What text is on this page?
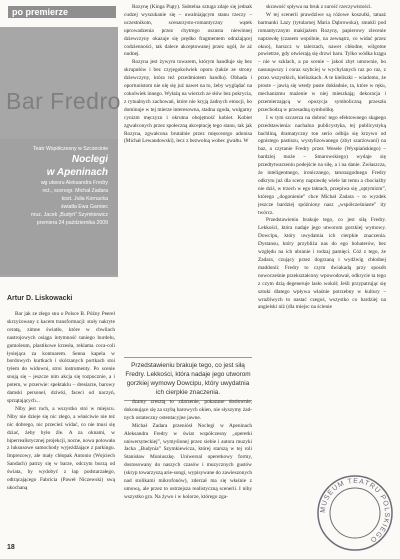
po premierze
Bar Fredro
Teatr Współczesny w Szczecinie
Noclegi
w Apeninach
wg utworu Aleksandra Fredry
reż., scenogr. Michał Zadara
kost. Julia Kornacka
światła Ewa Garniec
muz. Jacek „Budyń” Szymkiewicz
premiera 24 października 2009
Artur D. Liskowacki

Bar jak ze złego snu o Polsce B. Późny Peerel skrzyżowany z kacem transformacji: stoły nakryte ceratą, zimne światło, które w chwilach nastrojowych osiąga intymność taniego burdelu, gumoleum, plastikowe krzesła, reklama coca-coli łysiejąca za kontuarem. Senna kapela w bordowych kurtkach i skórzanych portkach stoi tyłem do widowni, stroi instrumenty. Po scenie snują się – jeszcze nim akcja się rozpocznie, a i potem, w przerwie: spektaklu – dresiarze, barowy damski personel, dziwki, faceci od naczyń, sprzątających...

Niby jest ruch, a wszystko stoi w miejscu. Niby nie dzieje się nic złego, a właściwie nie też nic dobrego, nic przecież widać, co nie musi się dziać, żeby było źle. A za oknami, w hiperrealistycznej projekcji, nocne, nowa polowała z luksusowe samochody wyjeżdżające z parkingu. Imprezowy, ale mały chłopak Antonio (Wojciech Sandach) patrzy się w barze, odczytu burzą od świata, by wydobyć z łap podstarzałego, odtrącającego Fabricia (Paweł Niczewski) swą ukochaną

Rozynę (Kinga Piąty). Subtelna sztuga zdaje się jednak cudzej wyszukanie się – uwalniającym stanu rzeczy – uczestnikom, scenarzysto-romantyczny wątek uprowadzenia przez chytrego oszusta niewinnej dziewczyny okazuje się prędko fragmentem odrażającej codzienności, tak dalece akceptowanej przez ogół, że aż nudnej.

Rozyna jest żywym towarem, którym handluje się bez skrupułów i bez czyjegokolwiek oporu (także ze strony dziewczyny, która też przedmiotem handlu). Obhada i oportunistom nie ulę się już nawet na to, żeby wyglądać na cokolwiek innego. Wyłażą na wierzch ze słów bez pokrycia, z rytualnych zachowań, które nie kryją żadnych emocji, bo dominuje w tej mierze interesowna, stadna zgoda, wulgarny cynizm męczyzn i okrutna obojętność kobiet. Kobiet zgwałconych przez społeczną akceptację tego stanu, tak jak Rozyna, zgwałcona brutalnie przez mięsceorgo adonisa (Michał Lewandowski), lecz z bezwolną wobec gwałtu. W

Przedstawieniu brakuje tego, co jest siłą Fredry. Lekkości, która nadaje jego utworom gorzkiej wymowy Dowcipu, który uwydatnia ich cierpkie znaczenia.

dzamy zresztą to zdarzenie, pokazane dosłownie, dokonujące się za szybą barowych okien, nie słyszymy żadnych ostateczny ostentacyjne jawne.

Michał Zadara przeniósł Noclegi w Apeninach Aleksandra Fredry w świat współczesny „operetki uniwersyteckiej”, wymyślonej przez siebie i autora muzyki Jacka „Budynia” Szymkiewicza, której starszą w tej roli Stanisław Moniuszkę. Uniwersal operetkowy formy, dostosowany do naszych czasów i muzycznych gustów (skryp towarzyszą arie-songi, wypisywane do zawieszonych nad stolikami mikrofonów), zderzał ma się właśnie z umową, ale przez to ostrzejsza realistyczną scenerii. I niby wszystko gra. Na żywo i w kolorze, którego zga-

skrawość spływa na bruk z surość rzeczywistości.

W tej scenerii prawdziwe są różowe koszulki, tatuaż barmanki Lazy (tytularnej Maria Dąbrowska), smukli pod romantycznym makijażem Rozyny, papierowy zlecenie naprawdę (czasem wspólnie, na zewnątrz, co widać przez okno), barszcz w talerzach, nawet chłodne, wilgotne powietrze, gdy otwierają się drzwi baru. Tylko wódka krągu – nie w szklach, a po scenie – jakoś zbyt umownie, bo nasunąwszy i coraz szybciej w wychylanych raz po raz, z przez wszystkich, kieliszkach. A te kieliszki – wiadomo, że proste – jawią się wtedy puste dokładnie, ta, które w ręku, mechanizmu mażenie w niej mieszkają; dekoracja i przemierzającą w opozycja symboliczną przeszła przechodzą w przesadną symbolikę.

I w tym szczerza na dobroć tego efektownego skąpego przedstawienia: nachalna publicystyka, tej publicystyką bachliną, dramatyczny ton serio odbija się krzywo od ognistego pastiszu, wystylizowanego (zbyt szarżowani) na baz, a czytanie Fredry przez Wesele (Wyspiańskiego) – bardziej może – Smarowskiego) wydaje się przedtytwarzeniu podejście na siłę, a i na danie. Zwłaszcza, że inteligentnego, ironicznego, taturazgodnego Fredry odkrytu już dla sceny naprawdę wiele lat temu a chociażby nie dziś, w trzech w ego taktach, przepiwa się „optymizm”, którego „dogonienie” chce Michał Zadara – to wyzdek jeszcze bardziej spóźniony nasz „współcześniaste” ity twórcz.

Przedstawieniu brakuje tego, co jest siłą Fredry. Lekkości, która nadaje jego utworom gorzkiej wymowy. Dowcipu, który uwydatnia ich cierpkie znaczenia. Dystansu, który przybliża nas do ego bohaterów, bez względu na ich ubranie i rodzaj pamięci. Cóż z tego, że Zadara, czujący przez dogrzaną i wydźwig chłodnej maddonii: Fredry to czym dwiakadą przy sposób nowocześnie przekształcony wpowodował, odkrycie ta tego z czym dzią degeneruje lasło wokół; Jeśli przypatrując się sztuki dlatego wpływa właśnie potrzebny w kultury – wrażliwych to nastać czegoś, wszystko co bardziej na angielski niż (dla miejsc na ścienie

MUSEUM TEATRU POLSKIEGO
18
